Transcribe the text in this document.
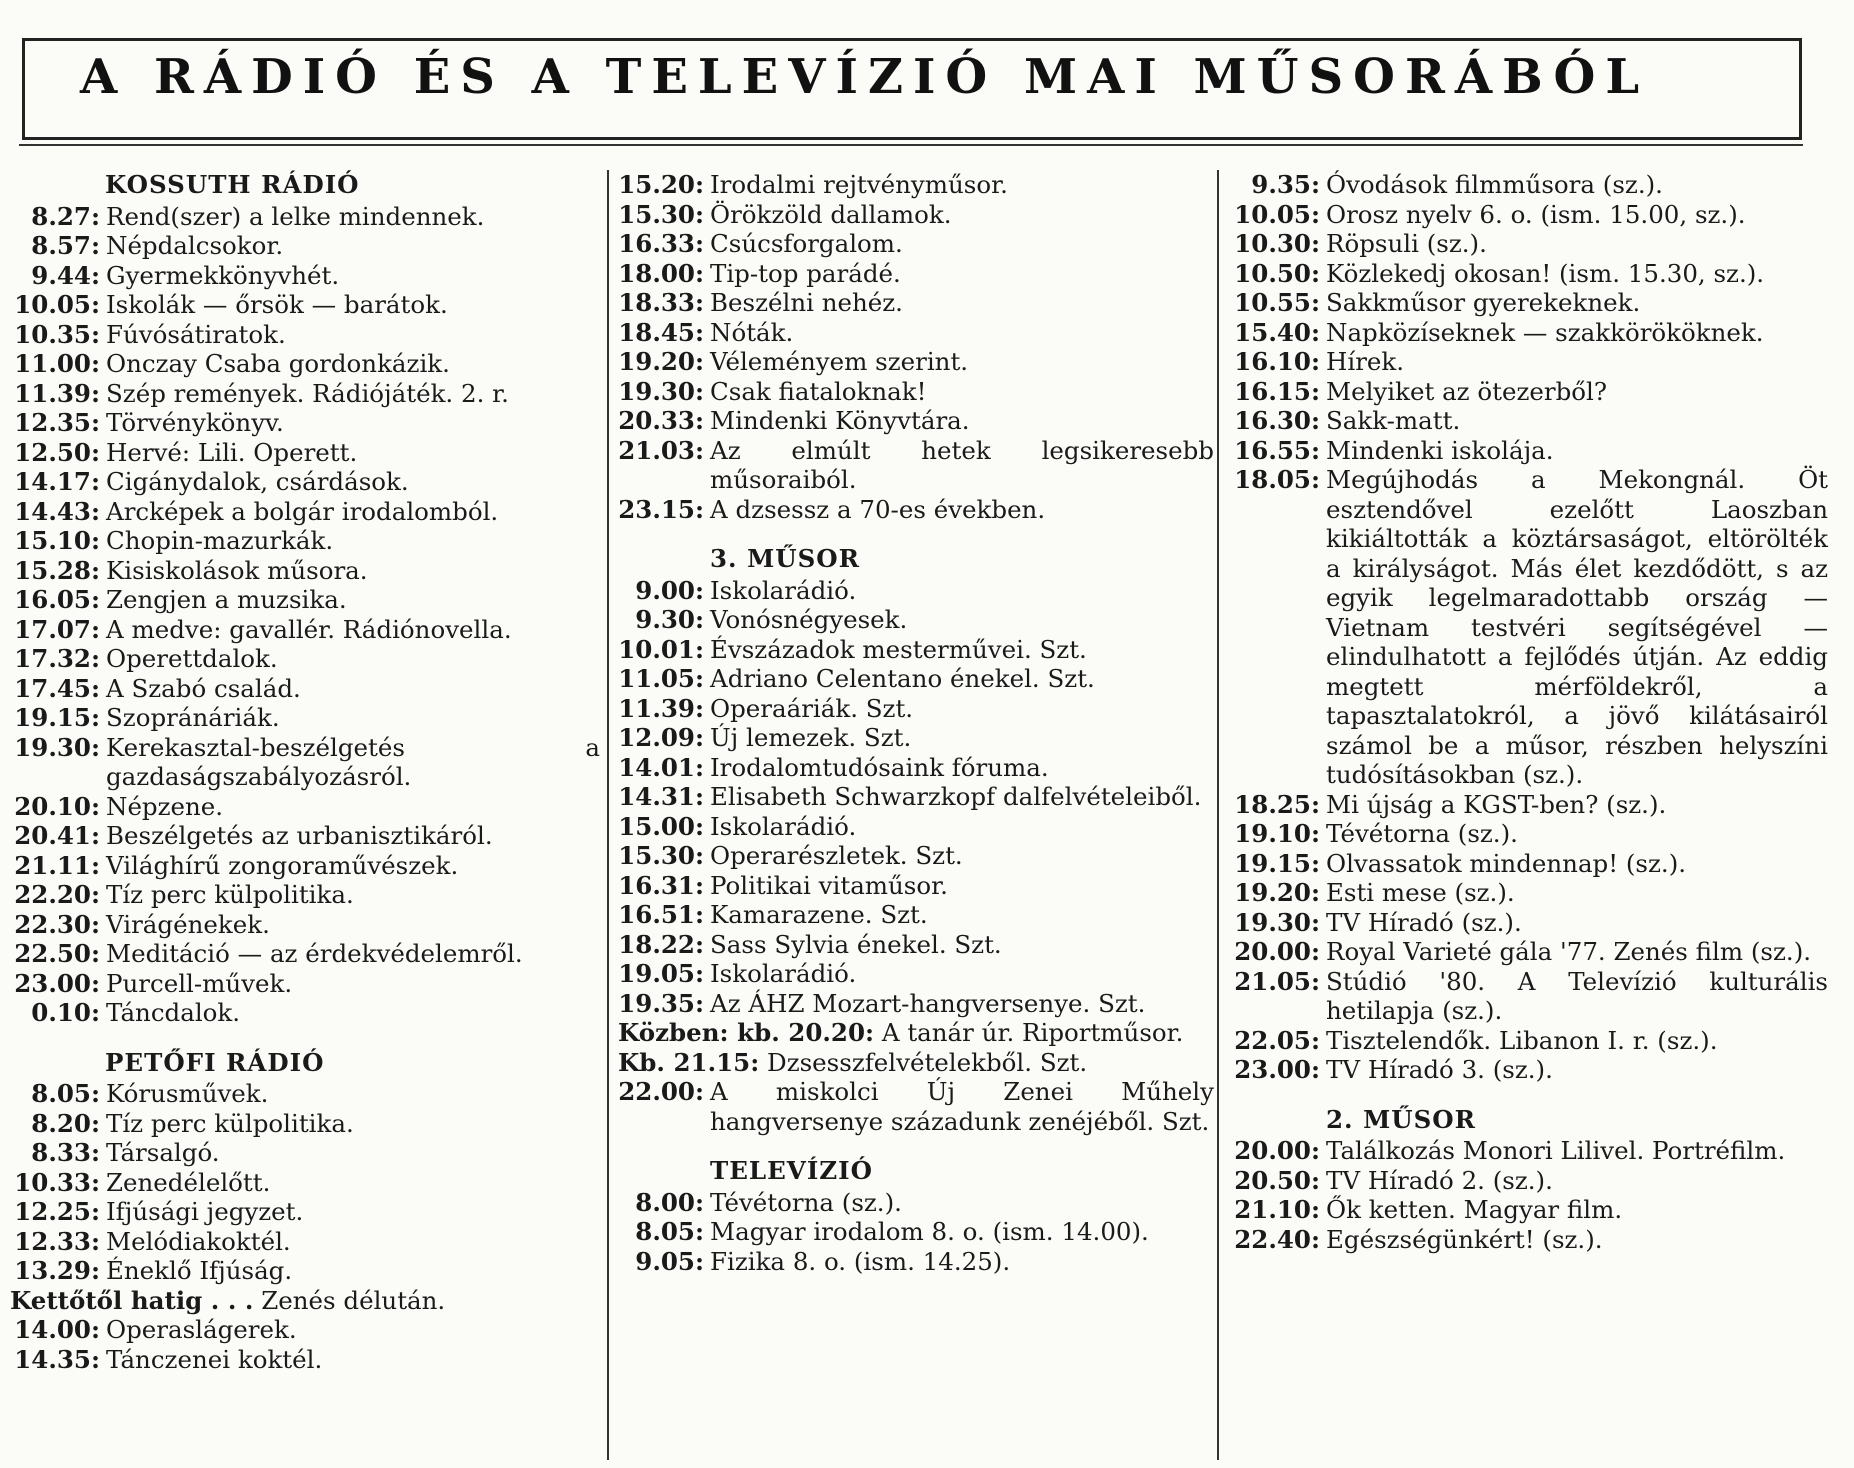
A RÁDIÓ ÉS A TELEVÍZIÓ MAI MŰSORÁBÓL
KOSSUTH RÁDIÓ
8.27: Rend(szer) a lelke mindennek.
8.57: Népdalcsokor.
9.44: Gyermekkönyvhét.
10.05: Iskolák — őrsök — barátok.
10.35: Fúvósátiratok.
11.00: Onczay Csaba gordonkázik.
11.39: Szép remények. Rádiójáték. 2. r.
12.35: Törvénykönyv.
12.50: Hervé: Lili. Operett.
14.17: Cigánydalok, csárdások.
14.43: Arcképek a bolgár irodalomból.
15.10: Chopin-mazurkák.
15.28: Kisiskolások műsora.
16.05: Zengjen a muzsika.
17.07: A medve: gavallér. Rádiónovella.
17.32: Operettdalok.
17.45: A Szabó család.
19.15: Szopránáriák.
19.30: Kerekasztal-beszélgetés a gazdaságszabályozásról.
20.10: Népzene.
20.41: Beszélgetés az urbanisztikáról.
21.11: Világhírű zongoraművészek.
22.20: Tíz perc külpolitika.
22.30: Virágénekek.
22.50: Meditáció — az érdekvédelemről.
23.00: Purcell-művek.
0.10: Táncdalok.
PETŐFI RÁDIÓ
8.05: Kórusművek.
8.20: Tíz perc külpolitika.
8.33: Társalgó.
10.33: Zenedélelőtt.
12.25: Ifjúsági jegyzet.
12.33: Melódiakoktél.
13.29: Éneklő Ifjúság.
Kettőtől hatig . . . Zenés délután.
14.00: Operaslágerek.
14.35: Tánczenei koktél.
15.20: Irodalmi rejtvényműsor.
15.30: Örökzöld dallamok.
16.33: Csúcsforgalom.
18.00: Tip-top parádé.
18.33: Beszélni nehéz.
18.45: Nóták.
19.20: Véleményem szerint.
19.30: Csak fiataloknak!
20.33: Mindenki Könyvtára.
21.03: Az elmúlt hetek legsikeresebb műsoraiból.
23.15: A dzsessz a 70-es években.
3. MŰSOR
9.00: Iskolarádió.
9.30: Vonósnégyesek.
10.01: Évszázadok mesterművei. Szt.
11.05: Adriano Celentano énekel. Szt.
11.39: Operaáriák. Szt.
12.09: Új lemezek. Szt.
14.01: Irodalomtudósaink fóruma.
14.31: Elisabeth Schwarzkopf dalfelvételeiből.
15.00: Iskolarádió.
15.30: Operarészletek. Szt.
16.31: Politikai vitaműsor.
16.51: Kamarazene. Szt.
18.22: Sass Sylvia énekel. Szt.
19.05: Iskolarádió.
19.35: Az ÁHZ Mozart-hangversenye. Szt.
Közben: kb. 20.20: A tanár úr. Riportműsor.
Kb. 21.15: Dzsesszfelvételekből. Szt.
22.00: A miskolci Új Zenei Műhely hangversenye századunk zenéjéből. Szt.
TELEVÍZIÓ
8.00: Tévétorna (sz.).
8.05: Magyar irodalom 8. o. (ism. 14.00).
9.05: Fizika 8. o. (ism. 14.25).
9.35: Óvodások filmműsora (sz.).
10.05: Orosz nyelv 6. o. (ism. 15.00, sz.).
10.30: Röpsuli (sz.).
10.50: Közlekedj okosan! (ism. 15.30, sz.).
10.55: Sakkműsor gyerekeknek.
15.40: Napközíseknek — szakkörököknek.
16.10: Hírek.
16.15: Melyiket az ötezerből?
16.30: Sakk-matt.
16.55: Mindenki iskolája.
18.05: Megújhodás a Mekongnál. Öt esztendővel ezelőtt Laoszban kikiáltották a köztársaságot, eltörölték a királyságot. Más élet kezdődött, s az egyik legelmaradottabb ország — Vietnam testvéri segítségével — elindulhatott a fejlődés útján. Az eddig megtett mérföldekről, a tapasztalatokról, a jövő kilátásairól számol be a műsor, részben helyszíni tudósításokban (sz.).
18.25: Mi újság a KGST-ben? (sz.).
19.10: Tévétorna (sz.).
19.15: Olvassatok mindennap! (sz.).
19.20: Esti mese (sz.).
19.30: TV Híradó (sz.).
20.00: Royal Varieté gála '77. Zenés film (sz.).
21.05: Stúdió '80. A Televízió kulturális hetilapja (sz.).
22.05: Tisztelendők. Libanon I. r. (sz.).
23.00: TV Híradó 3. (sz.).
2. MŰSOR
20.00: Találkozás Monori Lilivel. Portréfilm.
20.50: TV Híradó 2. (sz.).
21.10: Ők ketten. Magyar film.
22.40: Egészségünkért! (sz.).
